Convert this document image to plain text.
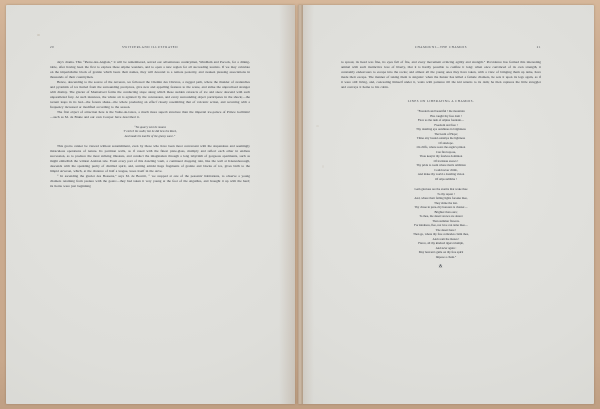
20	SWITZERLAND ILLUSTRATED

day's drama. This “Pierre-des-Anglais,” it will be remembered, served our adventurous countrymen, Windham and Pocock, for a dining-table, after having been the first to explore these Alpine wonders, and to open a new region for all succeeding tourists. If we may calculate on the imperishable block of granite which bears their names, they will descend to a remote posterity, and awaken pleasing associations in thousands of their countrymen.

Hence, descending to the source of the Arveron, we followed the Chemin des Chèvres, a rugged path, where the thunder of avalanches and pyramids of ice hurled from the surrounding precipices, give new and appalling features to the scene, and strike the unpractised stranger with dismay. The glacier of Montanvert forms the conducting slope along which these sudden cataracts of ice and snow descend with such unparalleled fury. At such instances, the whole air is agitated by the concussion, and every surrounding object participates in the shock;—the torrent leaps in its bed—the forests shake—the whole producing an effect closely resembling that of volcanic action, and recurring with a frequency increased or modified according to the season.

The first object of attraction here is the Voûte-de-Glace, a much more superb structure than the imperial ice-palace of Prince Gallitzin!—such as M. de Brune and our own Cowper have described it.

“No quarry sent its moans
T' enrich his walls; but he did hew the Rock,
And made his marble of the glassy wave.”

This grotto cannot be viewed without astonishment, even by those who have been most conversant with the stupendous and seemingly miraculous operations of nature. Its partition walls, as if cased with the finest plate-glass, multiply and reflect each other in endless succession, as to produce the most striking illusions, and conduct the imagination through a long labyrinth of gorgeous apartments, such as might embellish the wildest Arabian tale. From every part of this dazzling vault, a continued dropping rain, like the well at Knaresborough, descends with the sparkling purity of distilled spirit, and, uniting amidst huge fragments of granite and blocks of ice, gives birth to the limpid Arveron, which, at the distance of half a league, loses itself in the Arve.

“ In ascending the glacier des Bossons,” says M. de Bourrit, “ we stopped at one of the peasants' habitations, to observe a young chamois retaining from pasture with the goats:—they had taken it very young at the foot of the Aiguilles, and brought it up with the herd; its horns were just beginning

CHAMOUNI—THE CHAMOIS	21

to sprout, its head was fine, its eyes full of fire, and every movement evincing agility and strength.” Providence has formed this interesting animal with such instinctive love of liberty, that it is hardly possible to confine it long: when once convinced of its own strength, it constantly endeavours to escape into the rocks; and almost all the young ones they have taken, with a view of bringing them up tame, have made their escape. The manner of taking them is singular: when the hunter has killed a female chamois, he sets it upon its legs again, as if it were still living, and, concealing himself under it, waits with patience till the kid returns to its dam; he then captures the little struggler and conveys it home to his cabin.

LINES ON LIBERATING A CHAMOIS.
“Freedom and beautiful ! the mountain
Has caught thy free dam !
Flow as the rush of Alpine fountain—
Freedom and free !
Thy dazzling eye outshines in brightness
The beam of Hope;
Thine airy bound outstrips the lightness
Of antelope.
On cliffs, where soars the eagle's pinion
Can find repose,
Thou keep'st thy fearless dominion
Of trackless snows !
Thy pride to roam where man's ambition
Could never climb,
And make thy world a dazzling vision
Of Alps sublime !
Gem glorious are the storms that wake thee
To thy repast !
And, where their failing lights forsake thee,
They shine the last.
Thy chase in pure-city honours is chaster—
Brighter than ours;
To thee, the desert snows are dearer
Than summer flowers.
For kindness, flee, not love can tame thee—
The desert here !
Then go, where thy free comrades claim thee,
And roam the mazes !
Fierce, all thy kindred tigers triumph,
And ne'er again :
May heaven's guile on thy free spirit
Impose a chain.”
⁂
